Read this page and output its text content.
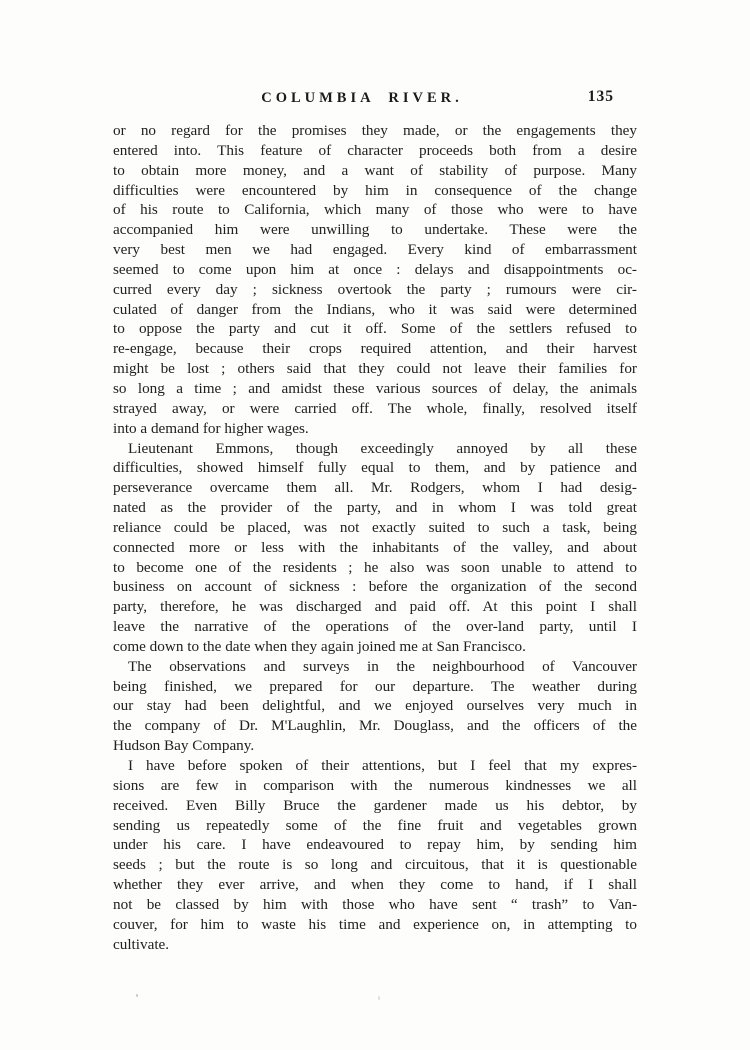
COLUMBIA RIVER.	135
or no regard for the promises they made, or the engagements they
entered into. This feature of character proceeds both from a desire
to obtain more money, and a want of stability of purpose. Many
difficulties were encountered by him in consequence of the change
of his route to California, which many of those who were to have
accompanied him were unwilling to undertake. These were the
very best men we had engaged. Every kind of embarrassment
seemed to come upon him at once : delays and disappointments oc-
curred every day ; sickness overtook the party ; rumours were cir-
culated of danger from the Indians, who it was said were determined
to oppose the party and cut it off. Some of the settlers refused to
re-engage, because their crops required attention, and their harvest
might be lost ; others said that they could not leave their families for
so long a time ; and amidst these various sources of delay, the animals
strayed away, or were carried off. The whole, finally, resolved itself
into a demand for higher wages.
Lieutenant Emmons, though exceedingly annoyed by all these
difficulties, showed himself fully equal to them, and by patience and
perseverance overcame them all. Mr. Rodgers, whom I had desig-
nated as the provider of the party, and in whom I was told great
reliance could be placed, was not exactly suited to such a task, being
connected more or less with the inhabitants of the valley, and about
to become one of the residents ; he also was soon unable to attend to
business on account of sickness : before the organization of the second
party, therefore, he was discharged and paid off. At this point I shall
leave the narrative of the operations of the over-land party, until I
come down to the date when they again joined me at San Francisco.
The observations and surveys in the neighbourhood of Vancouver
being finished, we prepared for our departure. The weather during
our stay had been delightful, and we enjoyed ourselves very much in
the company of Dr. M'Laughlin, Mr. Douglass, and the officers of the
Hudson Bay Company.
I have before spoken of their attentions, but I feel that my expres-
sions are few in comparison with the numerous kindnesses we all
received. Even Billy Bruce the gardener made us his debtor, by
sending us repeatedly some of the fine fruit and vegetables grown
under his care. I have endeavoured to repay him, by sending him
seeds ; but the route is so long and circuitous, that it is questionable
whether they ever arrive, and when they come to hand, if I shall
not be classed by him with those who have sent “ trash” to Van-
couver, for him to waste his time and experience on, in attempting to
cultivate.
